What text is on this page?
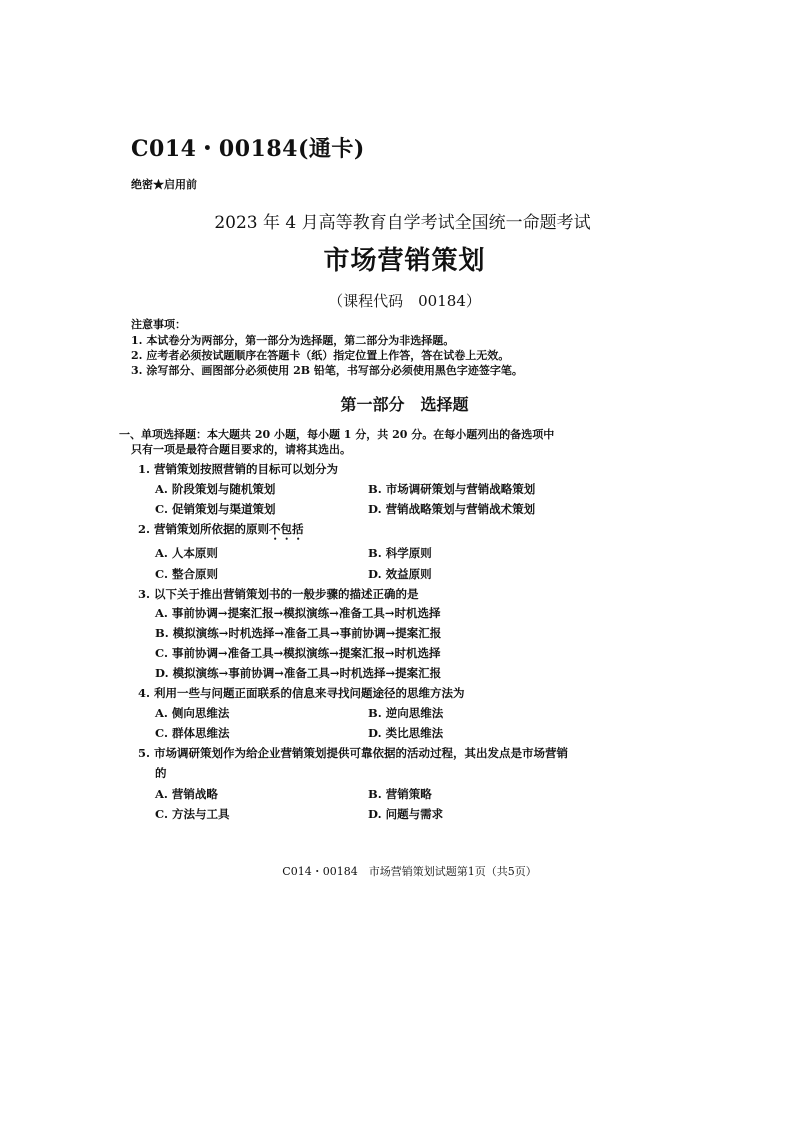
C014・00184(通卡)
绝密★启用前
2023 年 4 月高等教育自学考试全国统一命题考试
市场营销策划
（课程代码　00184）
注意事项：
1. 本试卷分为两部分，第一部分为选择题，第二部分为非选择题。
2. 应考者必须按试题顺序在答题卡（纸）指定位置上作答，答在试卷上无效。
3. 涂写部分、画图部分必须使用 2B 铅笔，书写部分必须使用黑色字迹签字笔。
第一部分　选择题
一、单项选择题：本大题共 20 小题，每小题 1 分，共 20 分。在每小题列出的备选项中
只有一项是最符合题目要求的，请将其选出。
1. 营销策划按照营销的目标可以划分为
A. 阶段策划与随机策划	B. 市场调研策划与营销战略策划
C. 促销策划与渠道策划	D. 营销战略策划与营销战术策划
2. 营销策划所依据的原则不包括
A. 人本原则	B. 科学原则
C. 整合原则	D. 效益原则
3. 以下关于推出营销策划书的一般步骤的描述正确的是
A. 事前协调→提案汇报→模拟演练→准备工具→时机选择
B. 模拟演练→时机选择→准备工具→事前协调→提案汇报
C. 事前协调→准备工具→模拟演练→提案汇报→时机选择
D. 模拟演练→事前协调→准备工具→时机选择→提案汇报
4. 利用一些与问题正面联系的信息来寻找问题途径的思维方法为
A. 侧向思维法	B. 逆向思维法
C. 群体思维法	D. 类比思维法
5. 市场调研策划作为给企业营销策划提供可靠依据的活动过程，其出发点是市场营销
的
A. 营销战略	B. 营销策略
C. 方法与工具	D. 问题与需求
C014・00184　市场营销策划试题第1页（共5页）
